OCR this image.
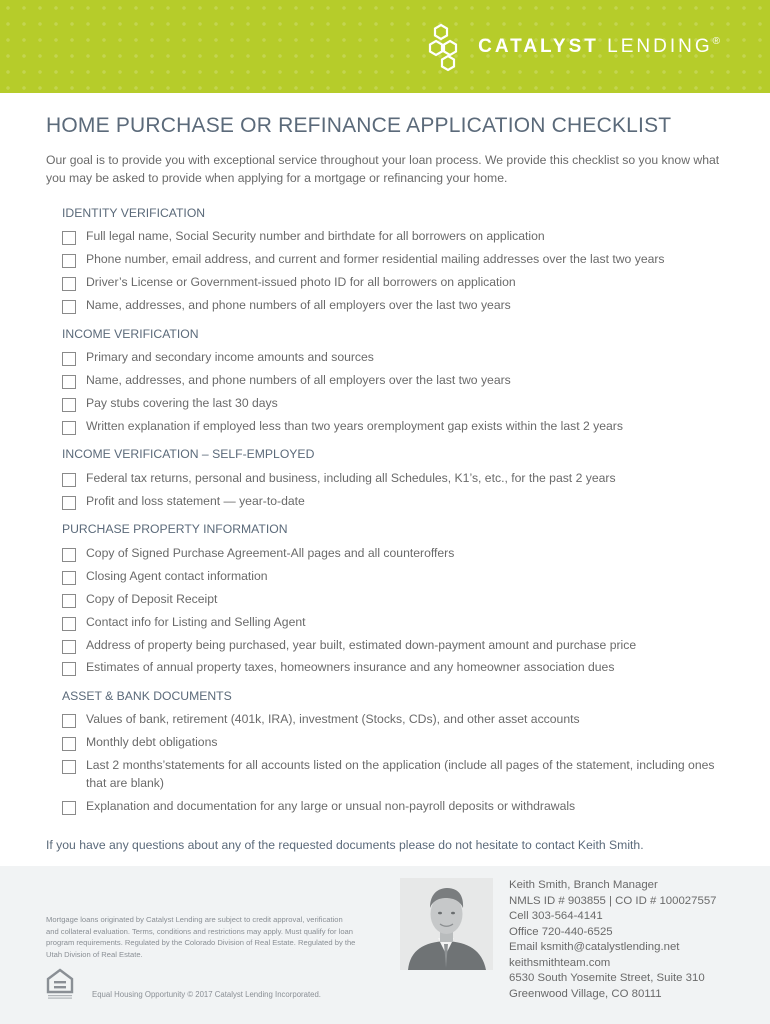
CATALYST LENDING®
HOME PURCHASE OR REFINANCE APPLICATION CHECKLIST

Our goal is to provide you with exceptional service throughout your loan process. We provide this checklist so you know what you may be asked to provide when applying for a mortgage or refinancing your home.

IDENTITY VERIFICATION

Full legal name, Social Security number and birthdate for all borrowers on application
Phone number, email address, and current and former residential mailing addresses over the last two years
Driver’s License or Government-issued photo ID for all borrowers on application
Name, addresses, and phone numbers of all employers over the last two years

INCOME VERIFICATION

Primary and secondary income amounts and sources
Name, addresses, and phone numbers of all employers over the last two years
Pay stubs covering the last 30 days
Written explanation if employed less than two years oremployment gap exists within the last 2 years

INCOME VERIFICATION – SELF-EMPLOYED

Federal tax returns, personal and business, including all Schedules, K1’s, etc., for the past 2 years
Profit and loss statement — year-to-date

PURCHASE PROPERTY INFORMATION

Copy of Signed Purchase Agreement-All pages and all counteroffers
Closing Agent contact information
Copy of Deposit Receipt
Contact info for Listing and Selling Agent
Address of property being purchased, year built, estimated down-payment amount and purchase price
Estimates of annual property taxes, homeowners insurance and any homeowner association dues

ASSET & BANK DOCUMENTS

Values of bank, retirement (401k, IRA), investment (Stocks, CDs), and other asset accounts
Monthly debt obligations
Last 2 months’statements for all accounts listed on the application (include all pages of the statement, including ones that are blank)
Explanation and documentation for any large or unsual non-payroll deposits or withdrawals

If you have any questions about any of the requested documents please do not hesitate to contact Keith Smith.

Mortgage loans originated by Catalyst Lending are subject to credit approval, verification and collateral evaluation. Terms, conditions and restrictions may apply. Must qualify for loan program requirements. Regulated by the Colorado Division of Real Estate. Regulated by the Utah Division of Real Estate.

Equal Housing Opportunity © 2017 Catalyst Lending Incorporated.

Keith Smith, Branch Manager

NMLS ID # 903855 | CO ID # 100027557

Cell 303-564-4141

Office 720-440-6525

Email ksmith@catalystlending.net

keithsmithteam.com

6530 South Yosemite Street, Suite 310

Greenwood Village, CO 80111
